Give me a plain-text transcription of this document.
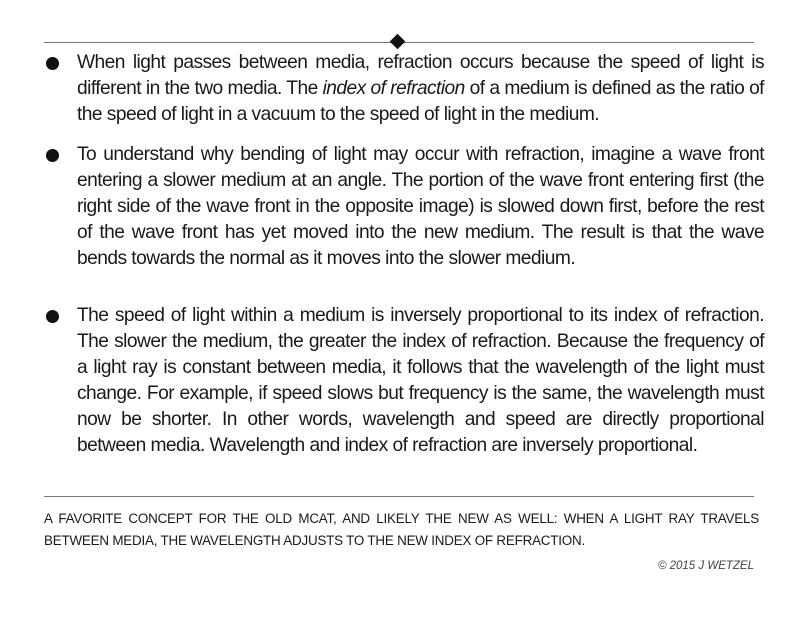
When light passes between media, refraction occurs because the speed of light is different in the two media. The index of refraction of a medium is defined as the ratio of the speed of light in a vacuum to the speed of light in the medium.
To understand why bending of light may occur with refraction, imagine a wave front entering a slower medium at an angle. The portion of the wave front entering first (the right side of the wave front in the opposite image) is slowed down first, before the rest of the wave front has yet moved into the new medium. The result is that the wave bends towards the normal as it moves into the slower medium.
The speed of light within a medium is inversely proportional to its index of refraction. The slower the medium, the greater the index of refraction. Because the frequency of a light ray is constant between media, it follows that the wavelength of the light must change. For example, if speed slows but frequency is the same, the wavelength must now be shorter. In other words, wavelength and speed are directly proportional between media. Wavelength and index of refraction are inversely proportional.
A FAVORITE CONCEPT FOR THE OLD MCAT, AND LIKELY THE NEW AS WELL: WHEN A LIGHT RAY TRAVELS BETWEEN MEDIA, THE WAVELENGTH ADJUSTS TO THE NEW INDEX OF REFRACTION.
© 2015 J WETZEL
